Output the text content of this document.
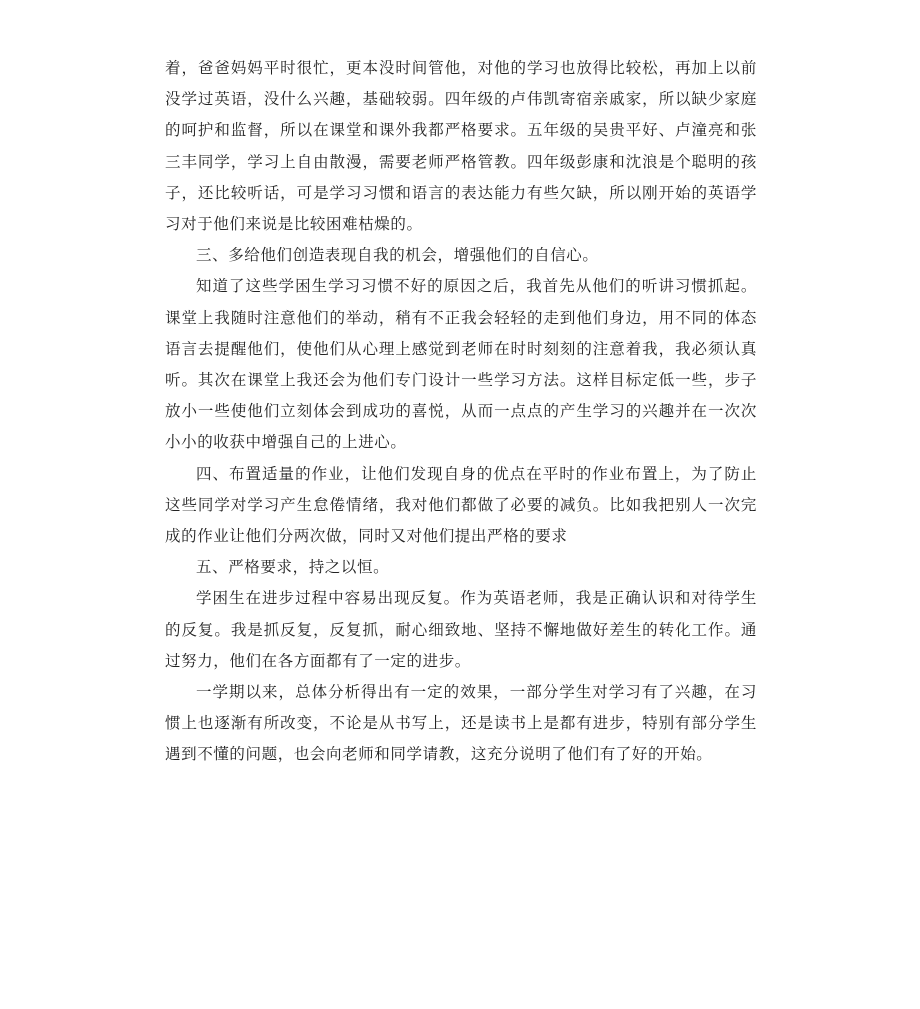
着，爸爸妈妈平时很忙，更本没时间管他，对他的学习也放得比较松，再加上以前没学过英语，没什么兴趣，基础较弱。四年级的卢伟凯寄宿亲戚家，所以缺少家庭的呵护和监督，所以在课堂和课外我都严格要求。五年级的吴贵平好、卢潼亮和张三丰同学，学习上自由散漫，需要老师严格管教。四年级彭康和沈浪是个聪明的孩子，还比较听话，可是学习习惯和语言的表达能力有些欠缺，所以刚开始的英语学习对于他们来说是比较困难枯燥的。

三、多给他们创造表现自我的机会，增强他们的自信心。

知道了这些学困生学习习惯不好的原因之后，我首先从他们的听讲习惯抓起。课堂上我随时注意他们的举动，稍有不正我会轻轻的走到他们身边，用不同的体态语言去提醒他们，使他们从心理上感觉到老师在时时刻刻的注意着我，我必须认真听。其次在课堂上我还会为他们专门设计一些学习方法。这样目标定低一些，步子放小一些使他们立刻体会到成功的喜悦，从而一点点的产生学习的兴趣并在一次次小小的收获中增强自己的上进心。

四、布置适量的作业，让他们发现自身的优点在平时的作业布置上，为了防止这些同学对学习产生怠倦情绪，我对他们都做了必要的减负。比如我把别人一次完成的作业让他们分两次做，同时又对他们提出严格的要求

五、严格要求，持之以恒。

学困生在进步过程中容易出现反复。作为英语老师，我是正确认识和对待学生的反复。我是抓反复，反复抓，耐心细致地、坚持不懈地做好差生的转化工作。通过努力，他们在各方面都有了一定的进步。

一学期以来，总体分析得出有一定的效果，一部分学生对学习有了兴趣，在习惯上也逐渐有所改变，不论是从书写上，还是读书上是都有进步，特别有部分学生遇到不懂的问题，也会向老师和同学请教，这充分说明了他们有了好的开始。
